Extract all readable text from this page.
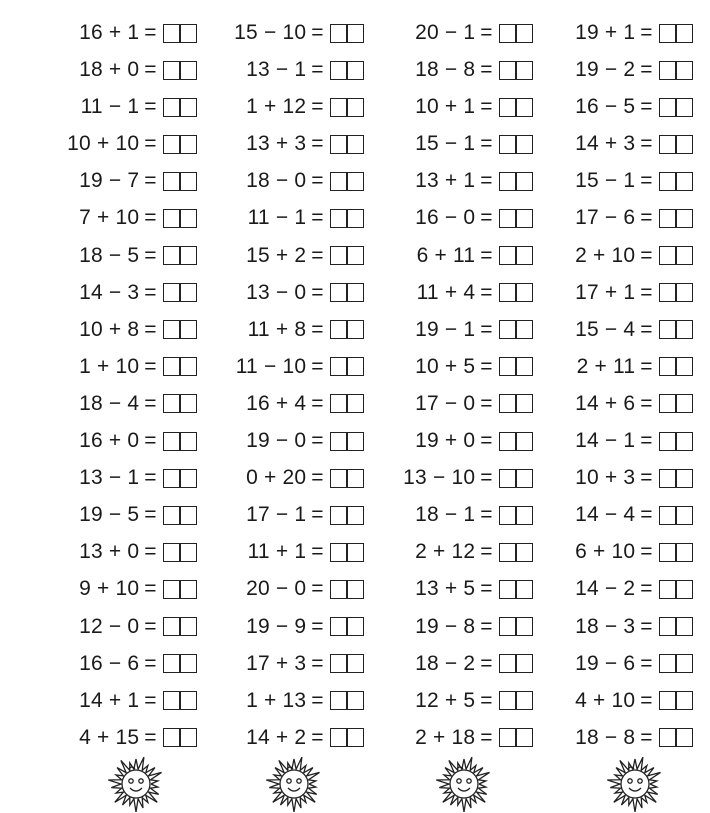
16 + 1 =
18 + 0 =
11 − 1 =
10 + 10 =
19 − 7 =
7 + 10 =
18 − 5 =
14 − 3 =
10 + 8 =
1 + 10 =
18 − 4 =
16 + 0 =
13 − 1 =
19 − 5 =
13 + 0 =
9 + 10 =
12 − 0 =
16 − 6 =
14 + 1 =
4 + 15 =
15 − 10 =
13 − 1 =
1 + 12 =
13 + 3 =
18 − 0 =
11 − 1 =
15 + 2 =
13 − 0 =
11 + 8 =
11 − 10 =
16 + 4 =
19 − 0 =
0 + 20 =
17 − 1 =
11 + 1 =
20 − 0 =
19 − 9 =
17 + 3 =
1 + 13 =
14 + 2 =
20 − 1 =
18 − 8 =
10 + 1 =
15 − 1 =
13 + 1 =
16 − 0 =
6 + 11 =
11 + 4 =
19 − 1 =
10 + 5 =
17 − 0 =
19 + 0 =
13 − 10 =
18 − 1 =
2 + 12 =
13 + 5 =
19 − 8 =
18 − 2 =
12 + 5 =
2 + 18 =
19 + 1 =
19 − 2 =
16 − 5 =
14 + 3 =
15 − 1 =
17 − 6 =
2 + 10 =
17 + 1 =
15 − 4 =
2 + 11 =
14 + 6 =
14 − 1 =
10 + 3 =
14 − 4 =
6 + 10 =
14 − 2 =
18 − 3 =
19 − 6 =
4 + 10 =
18 − 8 =
